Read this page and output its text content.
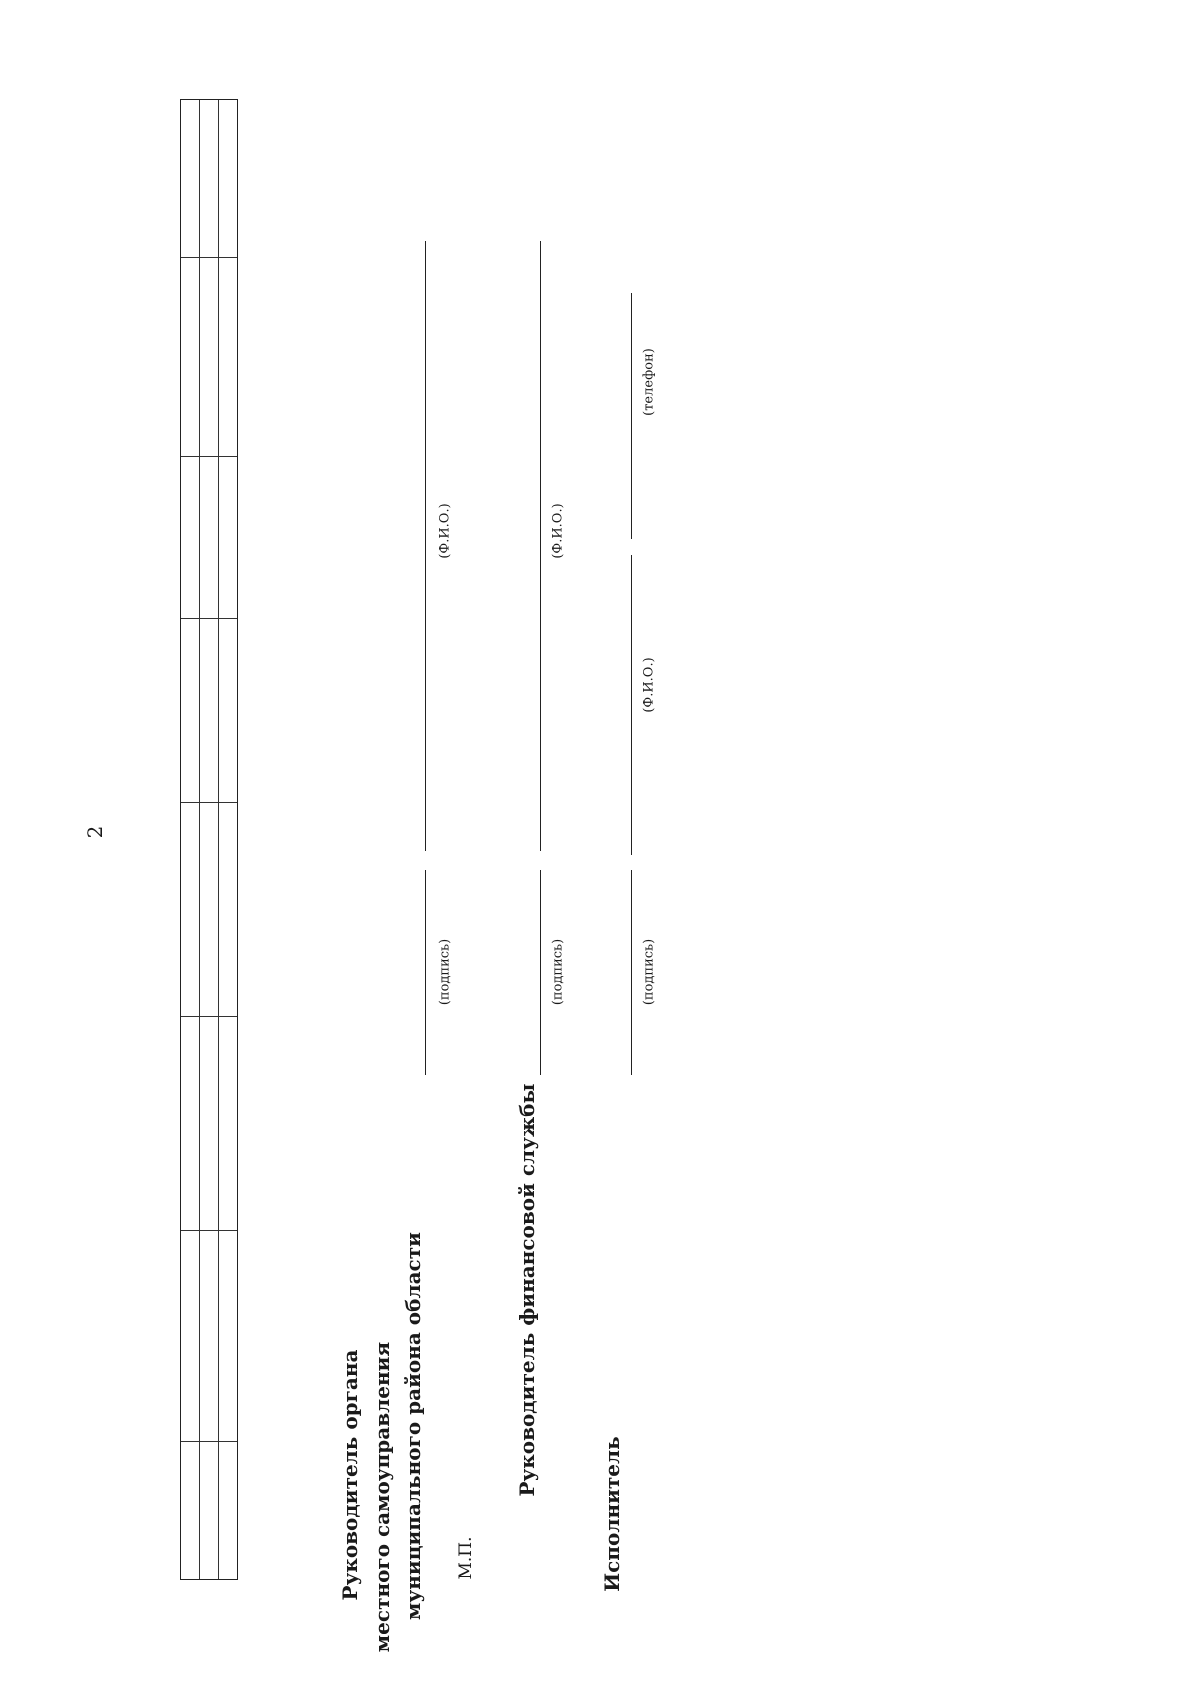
2
Руководитель органа местного самоуправления муниципального района области М.П.
(подпись)
(Ф.И.О.)
Руководитель финансовой службы
(подпись)
(Ф.И.О.)
Исполнитель
(подпись)
(Ф.И.О.)
(телефон)
